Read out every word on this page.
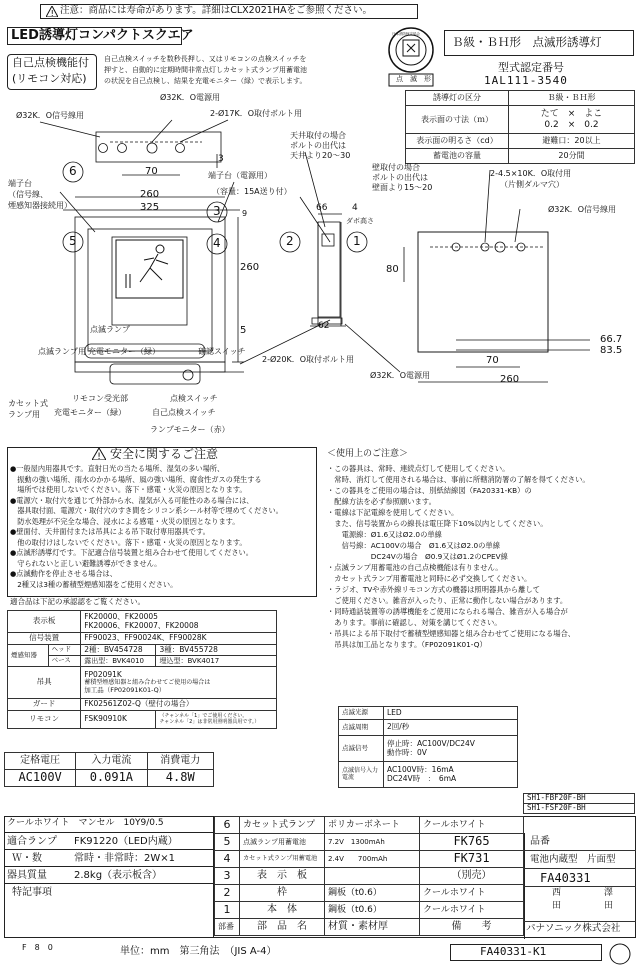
! 注意：商品には寿命があります。詳細はCLX2021HAをご参照ください。
LED誘導灯コンパクトスクエア
自己点検機能付
(リモコン対応)
自己点検スイッチを数秒長押し、又はリモコンの点検スイッチを
押すと、自動的に定期時間非常点灯しカセット式ランプ用蓄電池
の状況を自己点検し、結果を充電モニター（緑）で表示します。
日本消防検定協会
点　滅　形
Ｂ級・ＢＨ形　点滅形誘導灯
型式認定番号
1AL111-3540
誘導灯の区分	Ｂ級・ＢＨ形
表示面の寸法（ｍ）	たて　×　よこ
0.2　×　0.2
表示面の明るさ（cd）	避難口：20以上
蓄電池の容量	20分間
Ø32K．O電源用
Ø32K．O信号線用	2-Ø17K．O取付ボルト用
天井取付の場合
ボルトの出代は
天井より20～30
壁取付の場合
ボルトの出代は
壁面より15～20
端子台
（信号線、
煙感知器接続用）
端子台（電源用）
（容量：15A送り付）
70
260
325
3
260
5
9
66	4
ダボ高さ
62
2-4.5×10K．O取付用
（片側ダルマ穴）
Ø32K．O信号線用
80
66.7
83.5
70
260
点滅ランプ
2-Ø20K．O取付ボルト用
Ø32K．O電源用
点滅ランプ用 充電モニター（緑）	確認スイッチ
カセット式
ランプ用
リモコン受光部	点検スイッチ
充電モニター（緑）	自己点検スイッチ
ランプモニター（赤）
6
5
3
4	2	1
! 安全に関するご注意
●一般屋内用器具です。直射日光の当たる場所、湿気の多い場所、
　振動の強い場所、雨水のかかる場所、風の強い場所、腐食性ガスの発生する
　場所では使用しないでください。落下・感電・火災の原因となります。
●電源穴・取付穴を通じて外部から水、湿気が入る可能性のある場合には、
　器具取付面、電源穴・取付穴のすき間をシリコン系シール材等で埋めてください。
　防水処理が不完全な場合、浸水による感電・火災の原因となります。
●壁面付、天井面付または吊具による吊下取付専用器具です。
　他の取付けはしないでください。落下・感電・火災の原因となります。
●点滅形誘導灯です。下記適合信号装置と組み合わせて使用してください。
　守られないと正しい避難誘導ができません。
●点滅動作を停止させる場合は、
　2種又は3種の蓄積型煙感知器をご使用ください。
適合品は下記の承認認をご覧ください。
表示板		FK20000、FK20005
FK20006、FK20007、FK20008	

信号装置		FF90023、FF90024K、FF90028K	
煙感知器	ヘッド	2種：BV454728	3種：BV455728
	ベース	露出型：BVK4010	埋込型：BVK4017
吊具		FP02091K
蓄積型煙感知器と組み合わせてご使用の場合は
加工品（FP02091K01-Q）	

ガード		FK02561Z02-Q（壁付の場合）	
リモコン		FSK90910K	（チャンネル「1」でご使用ください。
チャンネル「2」は非常用照明器具用です。）
＜使用上のご注意＞
・この器具は、常時、連続点灯して使用してください。
　常時、消灯して使用される場合は、事前に所轄消防署の了解を得てください。
・この器具をご使用の場合は、別紙結線図（FA20331-KB）の
　配線方法を必ず参照願います。
・電線は下記電線を使用してください。
　また、信号装置からの線長は電圧降下10%以内としてください。
　　電源線：Ø1.6又はØ2.0の単線
　　信号線：AC100Vの場合　Ø1.6又はØ2.0の単線
　　　　　　DC24Vの場合　Ø0.9又はØ1.2のCPEV線
・点滅ランプ用蓄電池の自己点検機能は有りません。
　カセット式ランプ用蓄電池と同時に必ず交換してください。
・ラジオ、TVや赤外線リモコン方式の機器は照明器具から離して
　ご使用ください。雑音が入ったり、正常に動作しない場合があります。
・同時通話装置等の誘導機能をご使用になられる場合、雑音が入る場合が
　あります。事前に確認し、対策を講じてください。
・吊具による吊下取付で蓄積型煙感知器と組み合わせてご使用になる場合、
　吊具は加工品となります。（FP02091K01-Q）
点滅光源	LED
点滅周期	2回/秒
点滅信号	停止時：AC100V/DC24V
動作時：0V

点滅信号入力電流	AC100V時：16mA
DC24V時　：　6mA
定格電圧	入力電流	消費電力
AC100V	0.091A	4.8W
SH1-FBF20F-BH
SH1-FSF20F-BH
クールホワイト　マンセル　10Y9/0.5
適合ランプ FK91220（LED内蔵）
Ｗ・数	常時・非常時：2W×1
器具質量	2.8kg（表示板含）
特記事項
6	カセット式ランプ	ポリカーボネート	クールホワイト
5	点滅ランプ用蓄電池	7.2V　1300mAh	FK765
4	カセット式ランプ用蓄電池	2.4V　　700mAh	FK731
3	表　示　板		（別売）
2	枠	鋼板（t0.6）	クールホワイト
1	本　体	鋼板（t0.6）	クールホワイト
部番	部　品　名	材質・素材厚	備　　考
品番
電池内蔵型　片面型
FA40331
西	澤
田	田
パナソニック株式会社
F　8　0	単位：mm　第三角法　（JIS A-4）	FA40331-K1
